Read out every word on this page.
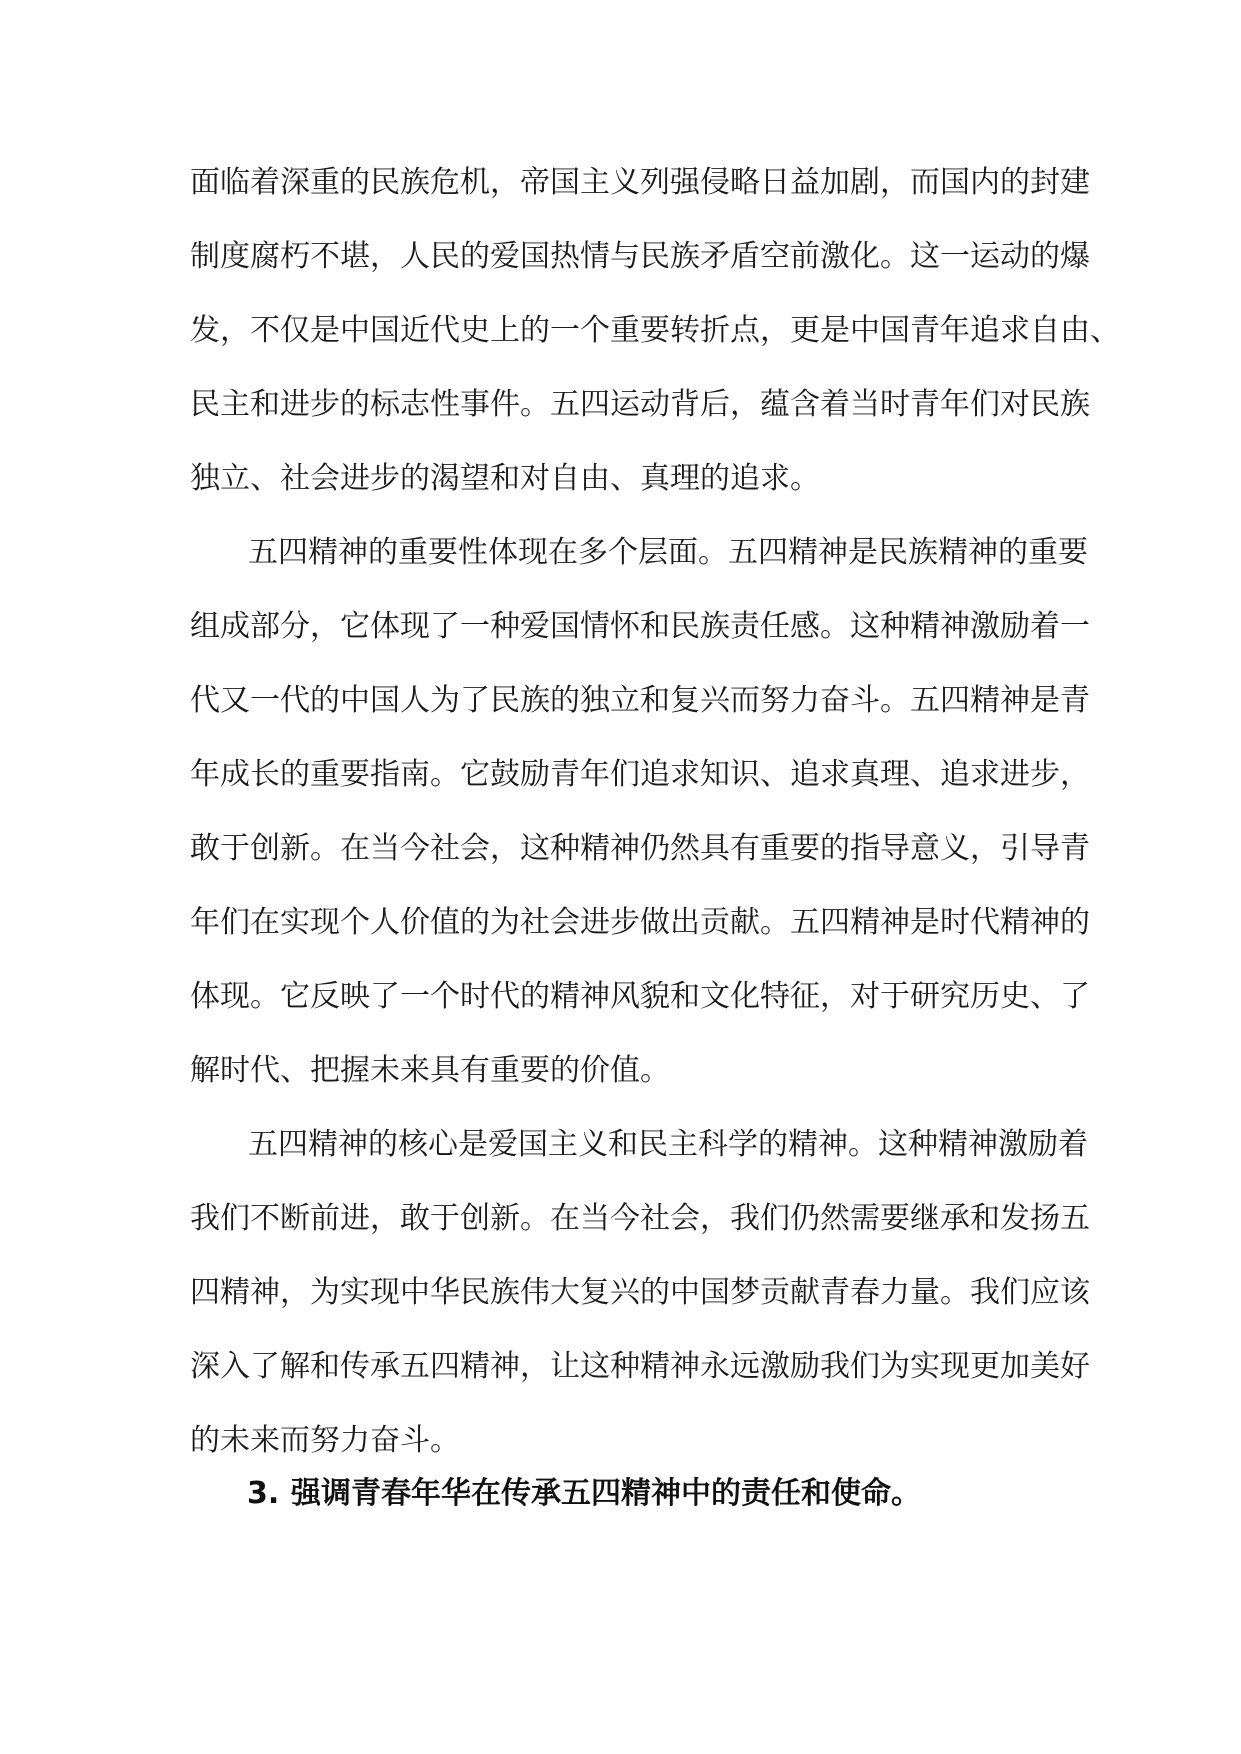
面临着深重的民族危机，帝国主义列强侵略日益加剧，而国内的封建
制度腐朽不堪，人民的爱国热情与民族矛盾空前激化。这一运动的爆
发，不仅是中国近代史上的一个重要转折点，更是中国青年追求自由、
民主和进步的标志性事件。五四运动背后，蕴含着当时青年们对民族
独立、社会进步的渴望和对自由、真理的追求。
五四精神的重要性体现在多个层面。五四精神是民族精神的重要
组成部分，它体现了一种爱国情怀和民族责任感。这种精神激励着一
代又一代的中国人为了民族的独立和复兴而努力奋斗。五四精神是青
年成长的重要指南。它鼓励青年们追求知识、追求真理、追求进步，
敢于创新。在当今社会，这种精神仍然具有重要的指导意义，引导青
年们在实现个人价值的为社会进步做出贡献。五四精神是时代精神的
体现。它反映了一个时代的精神风貌和文化特征，对于研究历史、了
解时代、把握未来具有重要的价值。
五四精神的核心是爱国主义和民主科学的精神。这种精神激励着
我们不断前进，敢于创新。在当今社会，我们仍然需要继承和发扬五
四精神，为实现中华民族伟大复兴的中国梦贡献青春力量。我们应该
深入了解和传承五四精神，让这种精神永远激励我们为实现更加美好
的未来而努力奋斗。
3. 强调青春年华在传承五四精神中的责任和使命。
